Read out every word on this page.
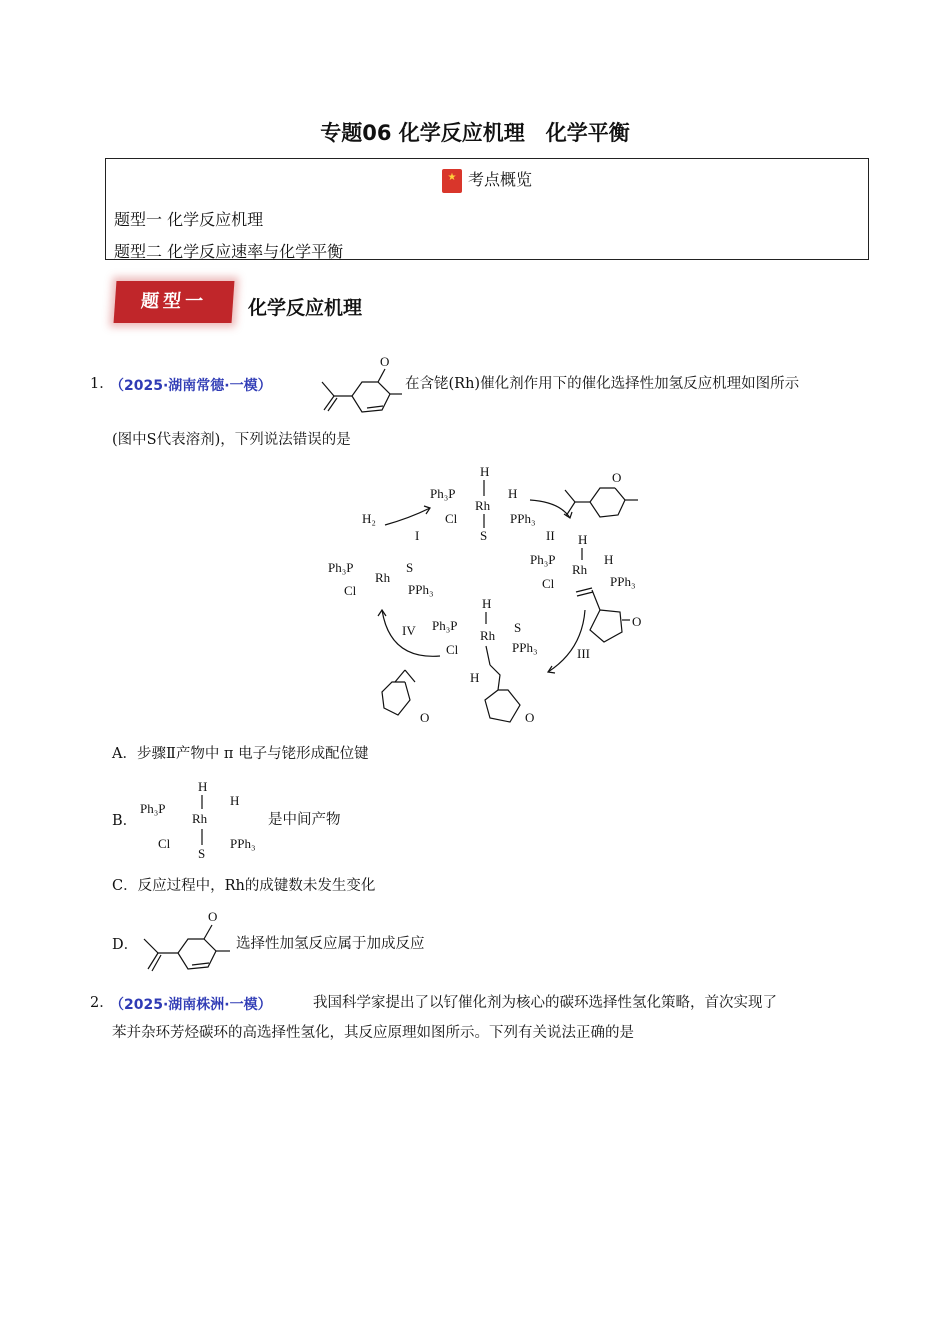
专题06 化学反应机理　化学平衡
★ 考点概览
题型一 化学反应机理
题型二 化学反应速率与化学平衡
题型一	化学反应机理
1．
（2025·湖南常德·一模）
O
在含铑(Rh)催化剂作用下的催化选择性加氢反应机理如图所示
(图中S代表溶剂)，下列说法错误的是
H
Ph₃P
Rh
H
Cl	PPh₃
S
H₂
I	II
O
H
Ph₃P
Rh
H
Cl	PPh₃
O
III
H
Ph₃P
Rh
S
Cl	PPh₃
H
O
IV
Ph₃P
Rh
S
Cl	PPh₃
O
A．步骤Ⅱ产物中 π 电子与铑形成配位键
B．
H
Ph₃P
Rh
H
Cl	PPh₃
S
是中间产物
C．反应过程中，Rh的成键数未发生变化
D．
O
选择性加氢反应属于加成反应
2．
（2025·湖南株洲·一模）	我国科学家提出了以钌催化剂为核心的碳环选择性氢化策略，首次实现了
苯并杂环芳烃碳环的高选择性氢化，其反应原理如图所示。下列有关说法正确的是
